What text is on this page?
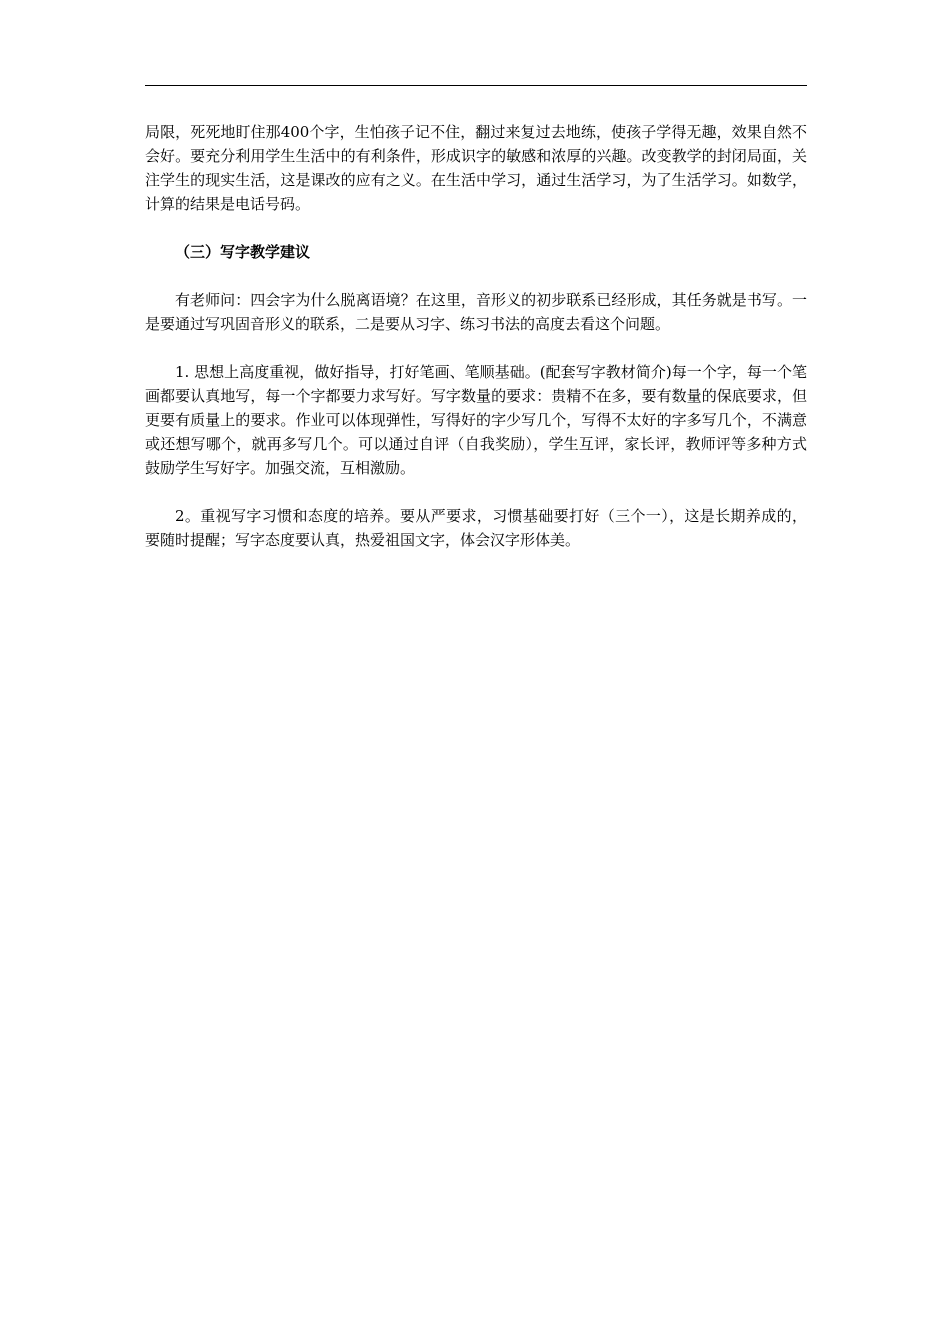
局限，死死地盯住那400个字，生怕孩子记不住，翻过来复过去地练，使孩子学得无趣，效果自然不会好。要充分利用学生生活中的有利条件，形成识字的敏感和浓厚的兴趣。改变教学的封闭局面，关注学生的现实生活，这是课改的应有之义。在生活中学习，通过生活学习，为了生活学习。如数学，计算的结果是电话号码。

（三）写字教学建议

有老师问：四会字为什么脱离语境？在这里，音形义的初步联系已经形成，其任务就是书写。一是要通过写巩固音形义的联系，二是要从习字、练习书法的高度去看这个问题。

1. 思想上高度重视，做好指导，打好笔画、笔顺基础。(配套写字教材简介)每一个字，每一个笔画都要认真地写，每一个字都要力求写好。写字数量的要求：贵精不在多，要有数量的保底要求，但更要有质量上的要求。作业可以体现弹性，写得好的字少写几个，写得不太好的字多写几个，不满意或还想写哪个，就再多写几个。可以通过自评（自我奖励），学生互评，家长评，教师评等多种方式鼓励学生写好字。加强交流，互相激励。

2。重视写字习惯和态度的培养。要从严要求，习惯基础要打好（三个一），这是长期养成的，要随时提醒；写字态度要认真，热爱祖国文字，体会汉字形体美。
